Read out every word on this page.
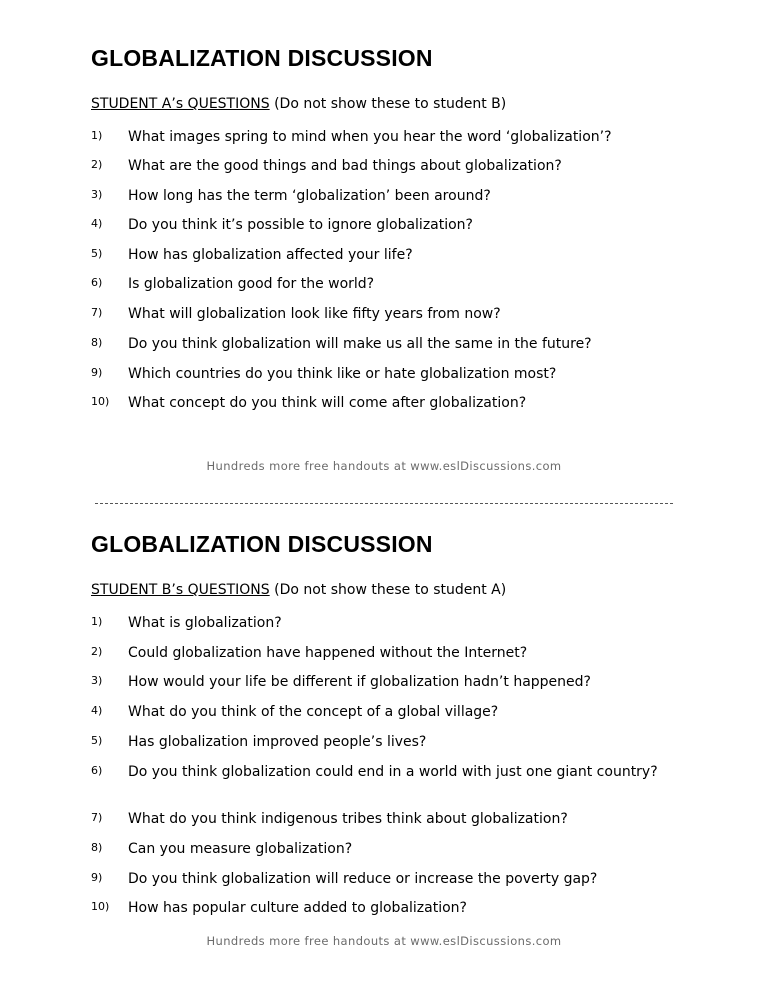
GLOBALIZATION DISCUSSION
STUDENT A’s QUESTIONS (Do not show these to student B)
1) What images spring to mind when you hear the word ‘globalization’?
2) What are the good things and bad things about globalization?
3) How long has the term ‘globalization’ been around?
4) Do you think it’s possible to ignore globalization?
5) How has globalization affected your life?
6) Is globalization good for the world?
7) What will globalization look like fifty years from now?
8) Do you think globalization will make us all the same in the future?
9) Which countries do you think like or hate globalization most?
10) What concept do you think will come after globalization?
Hundreds more free handouts at www.eslDiscussions.com
GLOBALIZATION DISCUSSION
STUDENT B’s QUESTIONS (Do not show these to student A)
1) What is globalization?
2) Could globalization have happened without the Internet?
3) How would your life be different if globalization hadn’t happened?
4) What do you think of the concept of a global village?
5) Has globalization improved people’s lives?
6) Do you think globalization could end in a world with just one giant country?
7) What do you think indigenous tribes think about globalization?
8) Can you measure globalization?
9) Do you think globalization will reduce or increase the poverty gap?
10) How has popular culture added to globalization?
Hundreds more free handouts at www.eslDiscussions.com
